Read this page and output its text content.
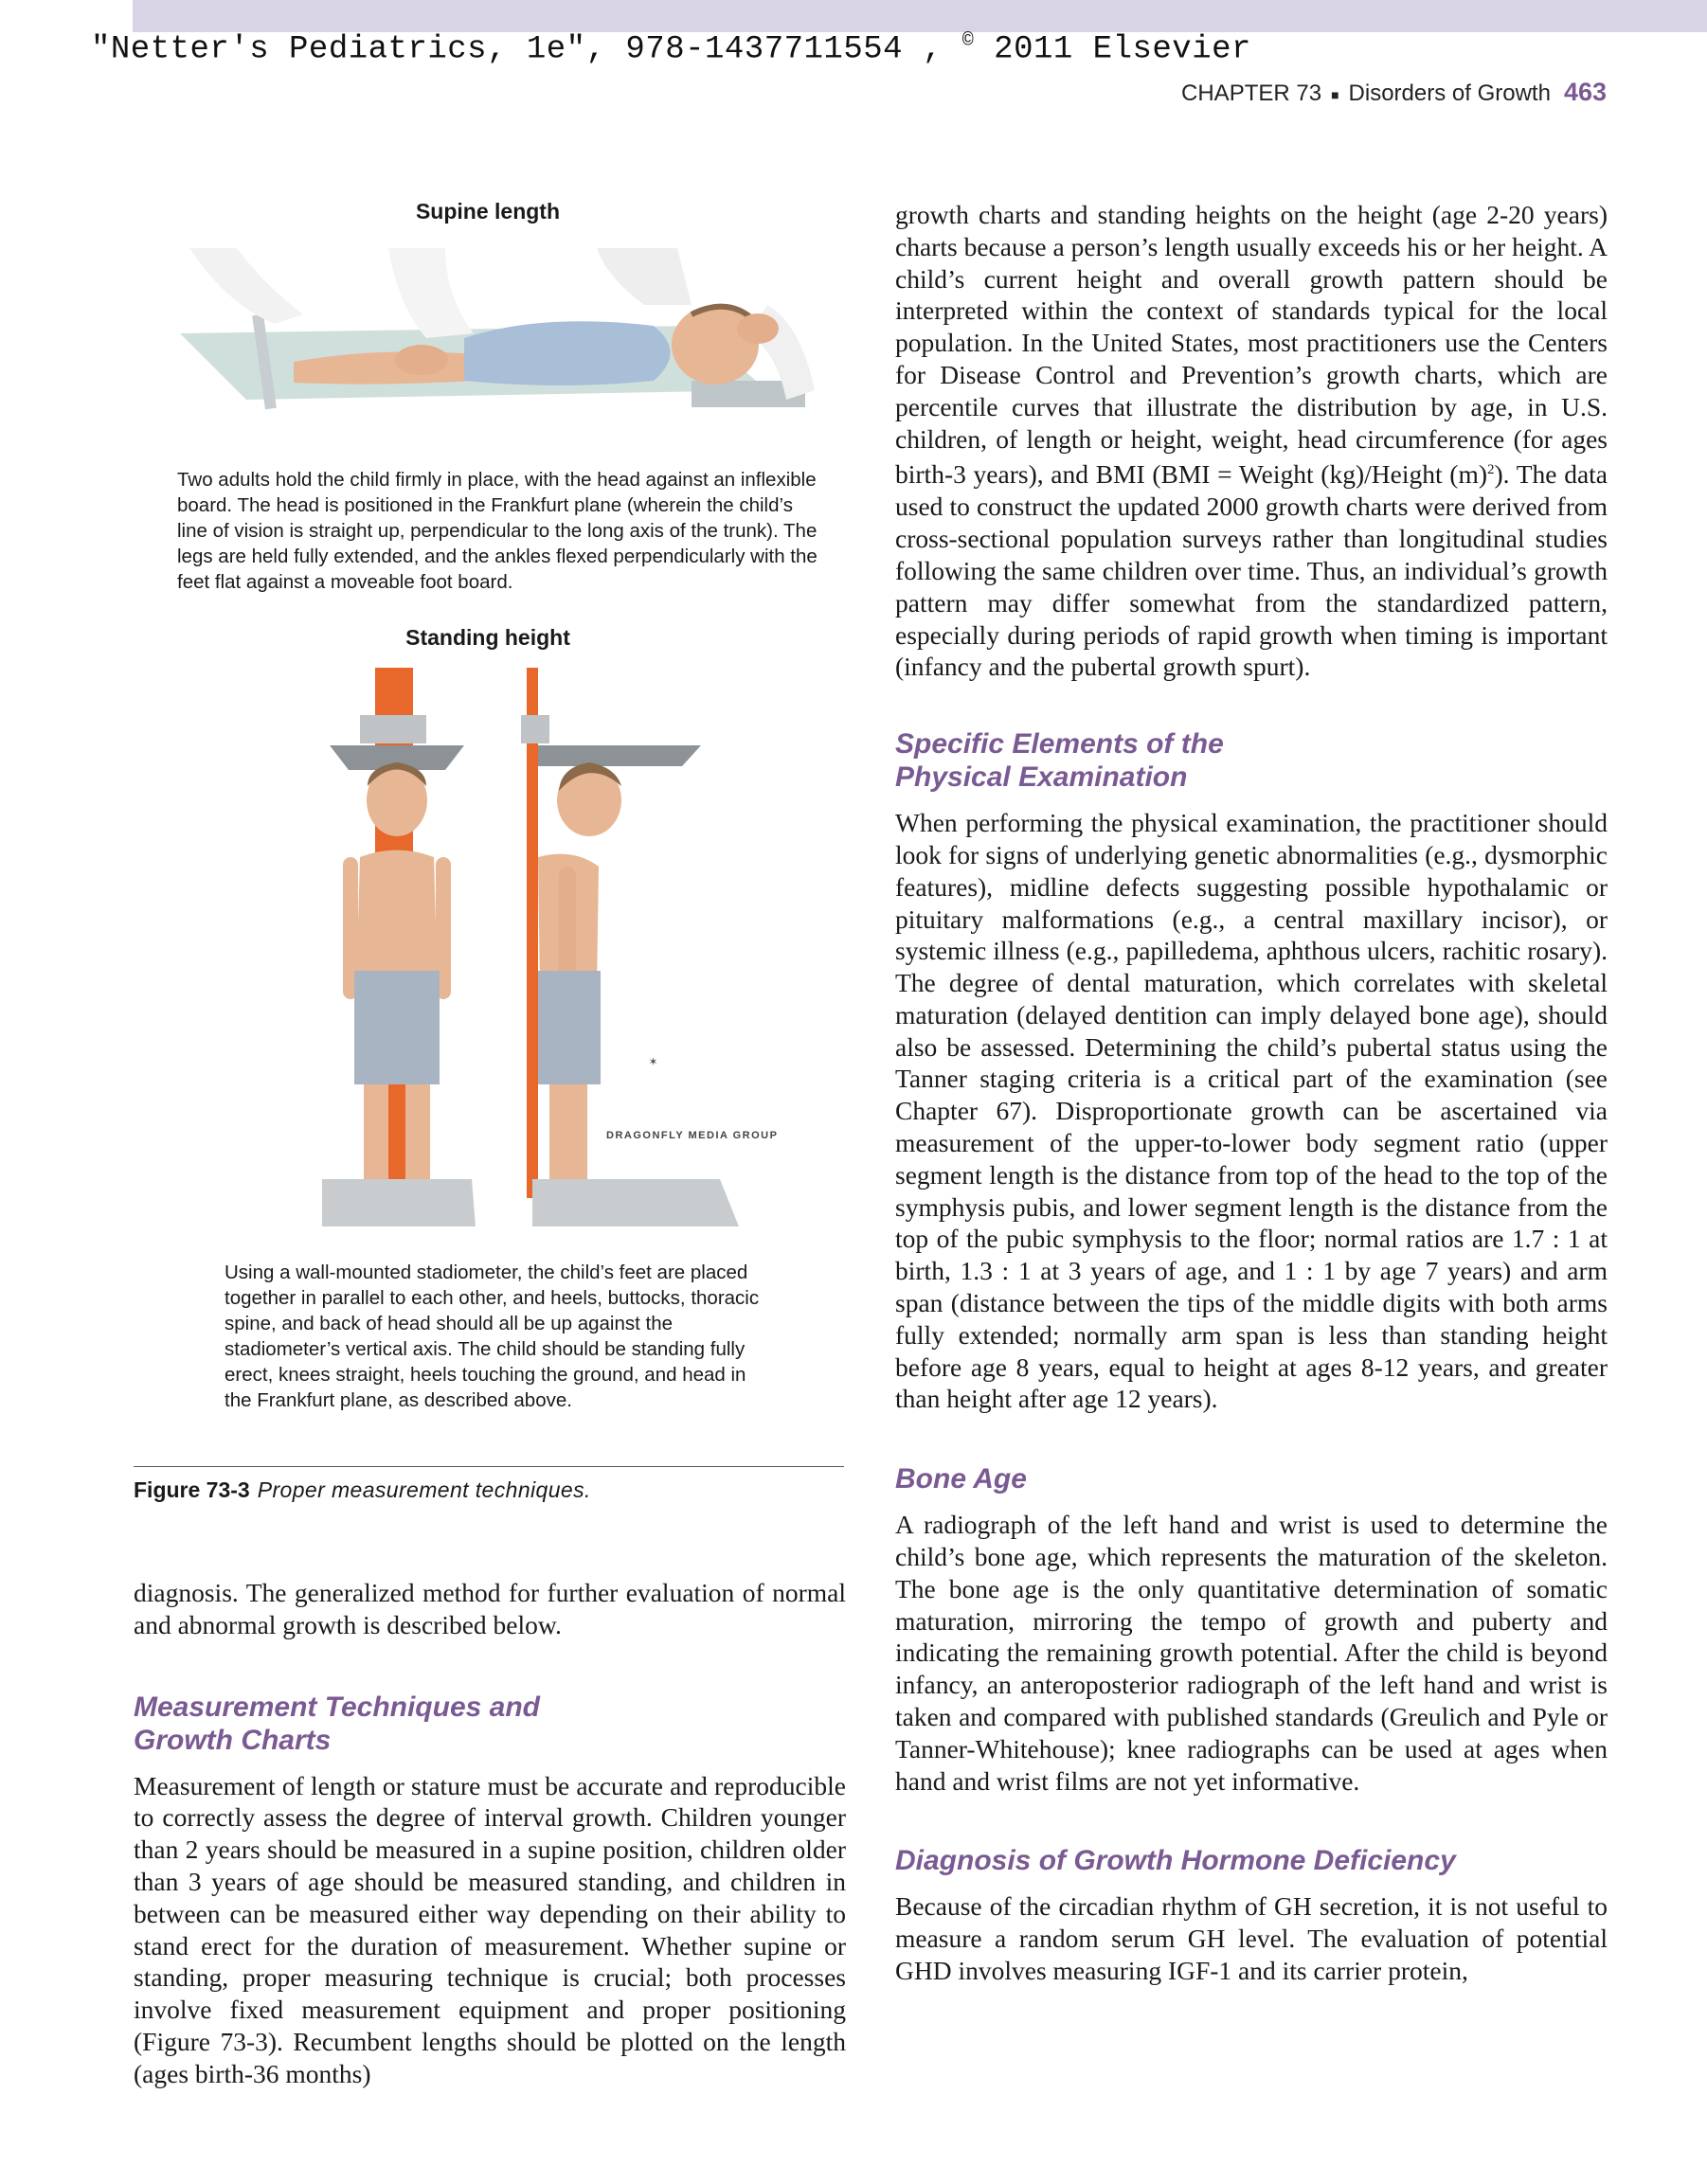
"Netter's Pediatrics, 1e", 978-1437711554 , © 2011 Elsevier
CHAPTER 73 ■ Disorders of Growth 463
Supine length

Two adults hold the child firmly in place, with the head against an inflexible board. The head is positioned in the Frankfurt plane (wherein the child’s line of vision is straight up, perpendicular to the long axis of the trunk). The legs are held fully extended, and the ankles flexed perpendicularly with the feet flat against a moveable foot board.

Standing height
✶
DRAGONFLY MEDIA GROUP

Using a wall-mounted stadiometer, the child’s feet are placed together in parallel to each other, and heels, buttocks, thoracic spine, and back of head should all be up against the stadiometer’s vertical axis. The child should be standing fully erect, knees straight, heels touching the ground, and head in the Frankfurt plane, as described above.

Figure 73-3 Proper measurement techniques.

diagnosis. The generalized method for further evaluation of normal and abnormal growth is described below.

Measurement Techniques and Growth Charts

Measurement of length or stature must be accurate and reproducible to correctly assess the degree of interval growth. Children younger than 2 years should be measured in a supine position, children older than 3 years of age should be measured standing, and children in between can be measured either way depending on their ability to stand erect for the duration of measurement. Whether supine or standing, proper measuring technique is crucial; both processes involve fixed measurement equipment and proper positioning (Figure 73-3). Recumbent lengths should be plotted on the length (ages birth-36 months)

growth charts and standing heights on the height (age 2-20 years) charts because a person’s length usually exceeds his or her height. A child’s current height and overall growth pattern should be interpreted within the context of standards typical for the local population. In the United States, most practitioners use the Centers for Disease Control and Prevention’s growth charts, which are percentile curves that illustrate the distribution by age, in U.S. children, of length or height, weight, head circumference (for ages birth-3 years), and BMI (BMI = Weight (kg)/Height $(m)^2$). The data used to construct the updated 2000 growth charts were derived from cross-sectional population surveys rather than longitudinal studies following the same children over time. Thus, an individual’s growth pattern may differ somewhat from the standardized pattern, especially during periods of rapid growth when timing is important (infancy and the pubertal growth spurt).

Specific Elements of the Physical Examination

When performing the physical examination, the practitioner should look for signs of underlying genetic abnormalities (e.g., dysmorphic features), midline defects suggesting possible hypothalamic or pituitary malformations (e.g., a central maxillary incisor), or systemic illness (e.g., papilledema, aphthous ulcers, rachitic rosary). The degree of dental maturation, which correlates with skeletal maturation (delayed dentition can imply delayed bone age), should also be assessed. Determining the child’s pubertal status using the Tanner staging criteria is a critical part of the examination (see Chapter 67). Disproportionate growth can be ascertained via measurement of the upper-to-lower body segment ratio (upper segment length is the distance from top of the head to the top of the symphysis pubis, and lower segment length is the distance from the top of the pubic symphysis to the floor; normal ratios are 1.7 : 1 at birth, 1.3 : 1 at 3 years of age, and 1 : 1 by age 7 years) and arm span (distance between the tips of the middle digits with both arms fully extended; normally arm span is less than standing height before age 8 years, equal to height at ages 8-12 years, and greater than height after age 12 years).

Bone Age

A radiograph of the left hand and wrist is used to determine the child’s bone age, which represents the maturation of the skeleton. The bone age is the only quantitative determination of somatic maturation, mirroring the tempo of growth and puberty and indicating the remaining growth potential. After the child is beyond infancy, an anteroposterior radiograph of the left hand and wrist is taken and compared with published standards (Greulich and Pyle or Tanner-Whitehouse); knee radiographs can be used at ages when hand and wrist films are not yet informative.

Diagnosis of Growth Hormone Deficiency

Because of the circadian rhythm of GH secretion, it is not useful to measure a random serum GH level. The evaluation of potential GHD involves measuring IGF-1 and its carrier protein,
